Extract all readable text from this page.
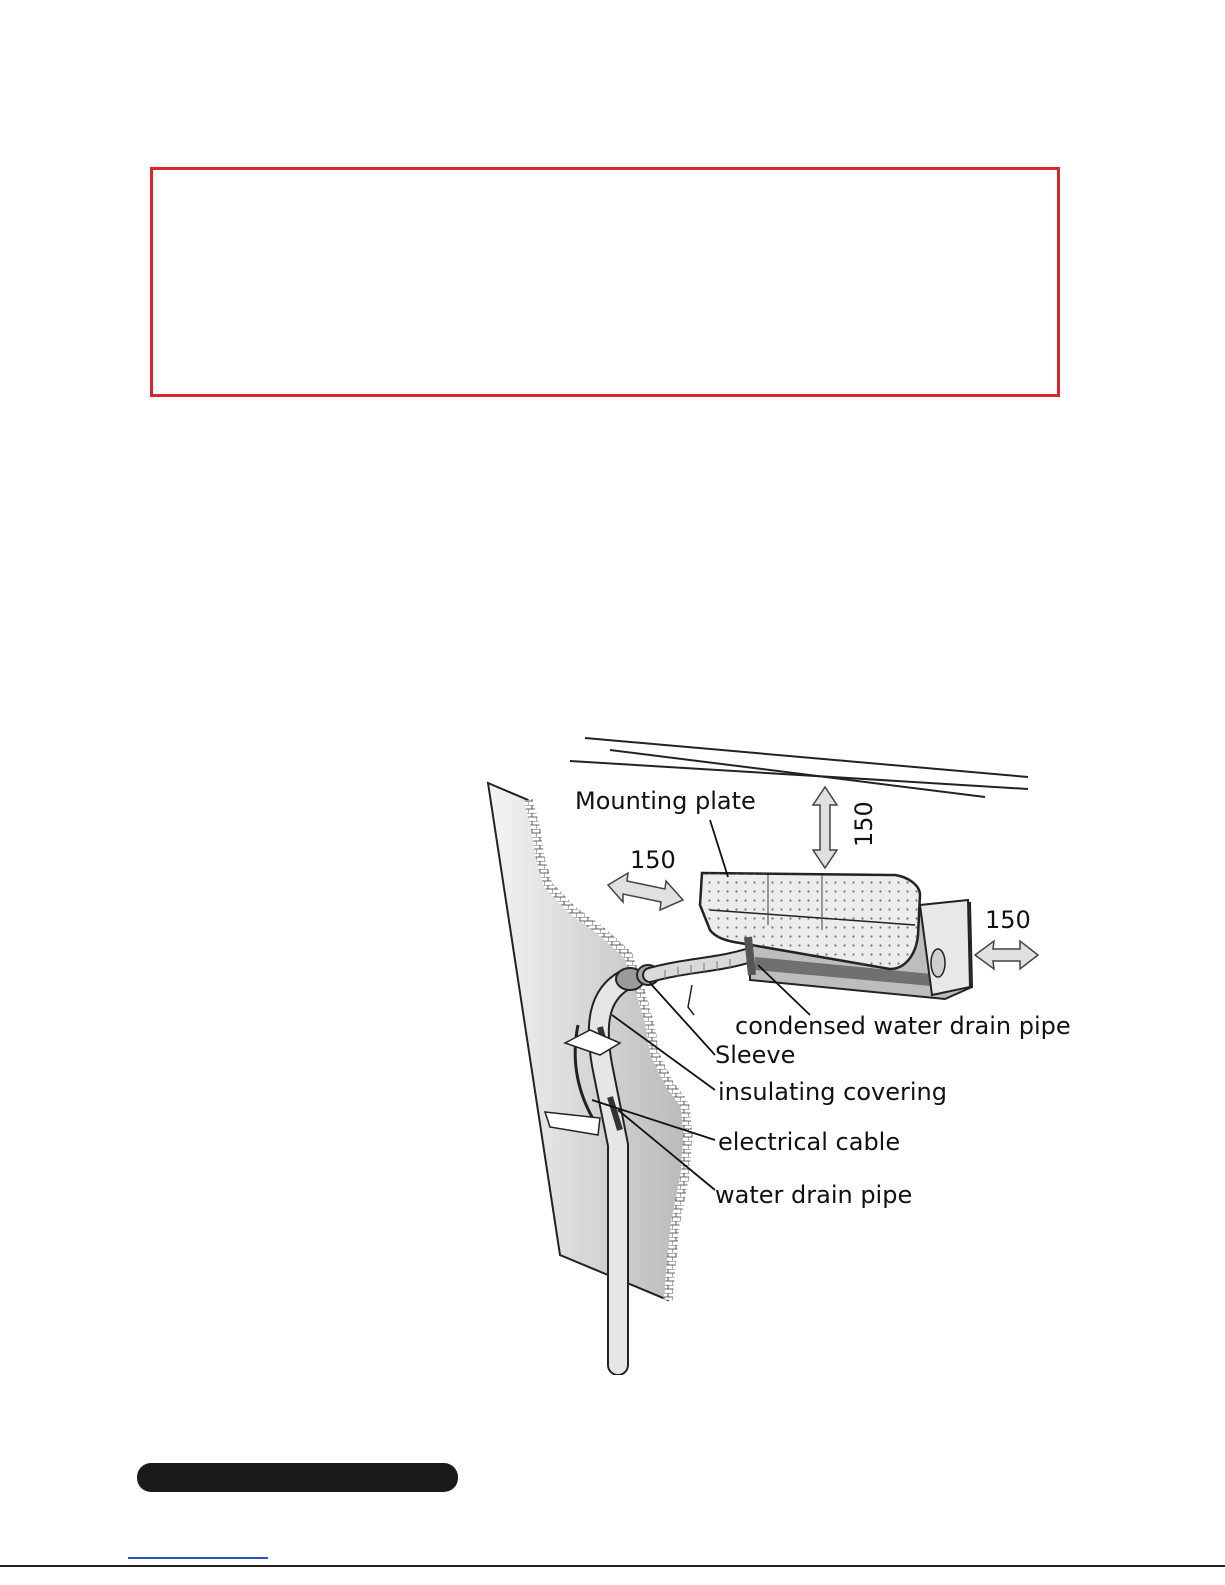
Mounting plate
150
150
150
condensed water drain pipe
Sleeve
insulating covering
electrical cable
water drain pipe
